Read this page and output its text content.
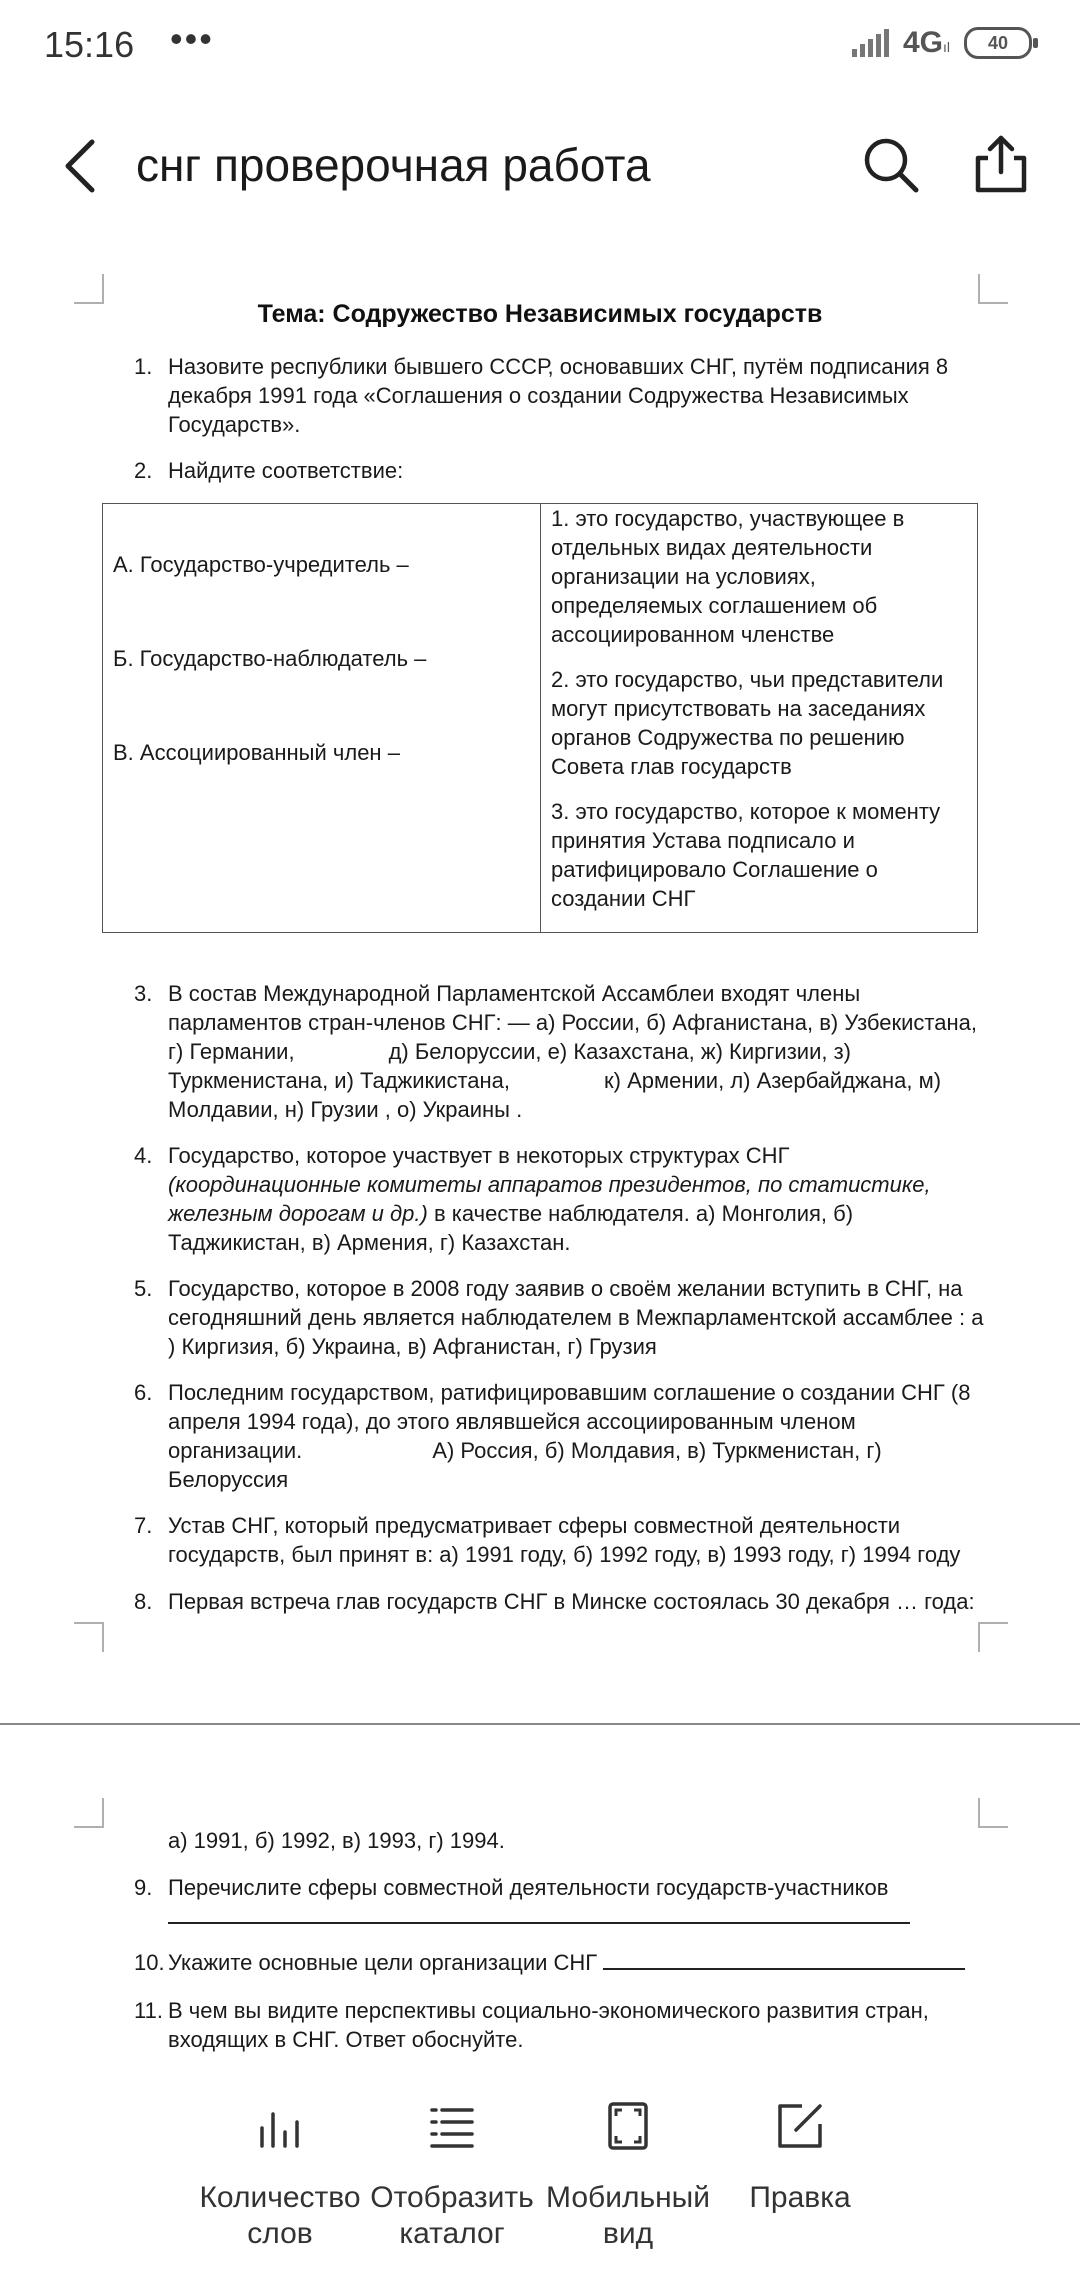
15:16 •••	4Gıl	40
снг проверочная работа
Тема: Содружество Независимых государств
1. Назовите республики бывшего СССР, основавших СНГ, путём подписания 8 декабря 1991 года «Соглашения о создании Содружества Независимых Государств».
2. Найдите соответствие:
А. Государство-учредитель –
Б. Государство-наблюдатель –
В. Ассоциированный член –
1. это государство, участвующее в отдельных видах деятельности организации на условиях, определяемых соглашением об ассоциированном членстве
2. это государство, чьи представители могут присутствовать на заседаниях органов Содружества по решению Совета глав государств
3. это государство, которое к моменту принятия Устава подписало и ратифицировало Соглашение о создании СНГ
3. В состав Международной Парламентской Ассамблеи входят члены парламентов стран-членов СНГ: — а) России, б) Афганистана, в) Узбекистана, г) Германии,	д) Белоруссии, е) Казахстана, ж) Киргизии, з)
Туркменистана, и) Таджикистана,	к) Армении, л) Азербайджана, м)
Молдавии, н) Грузии , о) Украины .
4. Государство, которое участвует в некоторых структурах СНГ (координационные комитеты аппаратов президентов, по статистике, железным дорогам и др.) в качестве наблюдателя. а) Монголия, б) Таджикистан, в) Армения, г) Казахстан.
5. Государство, которое в 2008 году заявив о своём желании вступить в СНГ, на сегодняшний день является наблюдателем в Межпарламентской ассамблее : а ) Киргизия, б) Украина, в) Афганистан, г) Грузия
6. Последним государством, ратифицировавшим соглашение о создании СНГ (8 апреля 1994 года), до этого являвшейся ассоциированным членом организации.	А) Россия, б) Молдавия, в) Туркменистан, г) Белоруссия
7. Устав СНГ, который предусматривает сферы совместной деятельности государств, был принят в: а) 1991 году, б) 1992 году, в) 1993 году, г) 1994 году
8. Первая встреча глав государств СНГ в Минске состоялась 30 декабря … года:
а) 1991, б) 1992, в) 1993, г) 1994.
9. Перечислите сферы совместной деятельности государств-участников

10. Укажите основные цели организации СНГ
11. В чем вы видите перспективы социально-экономического развития стран, входящих в СНГ. Ответ обоснуйте.
Количество слов
Отобразить каталог
Мобильный вид
Правка
